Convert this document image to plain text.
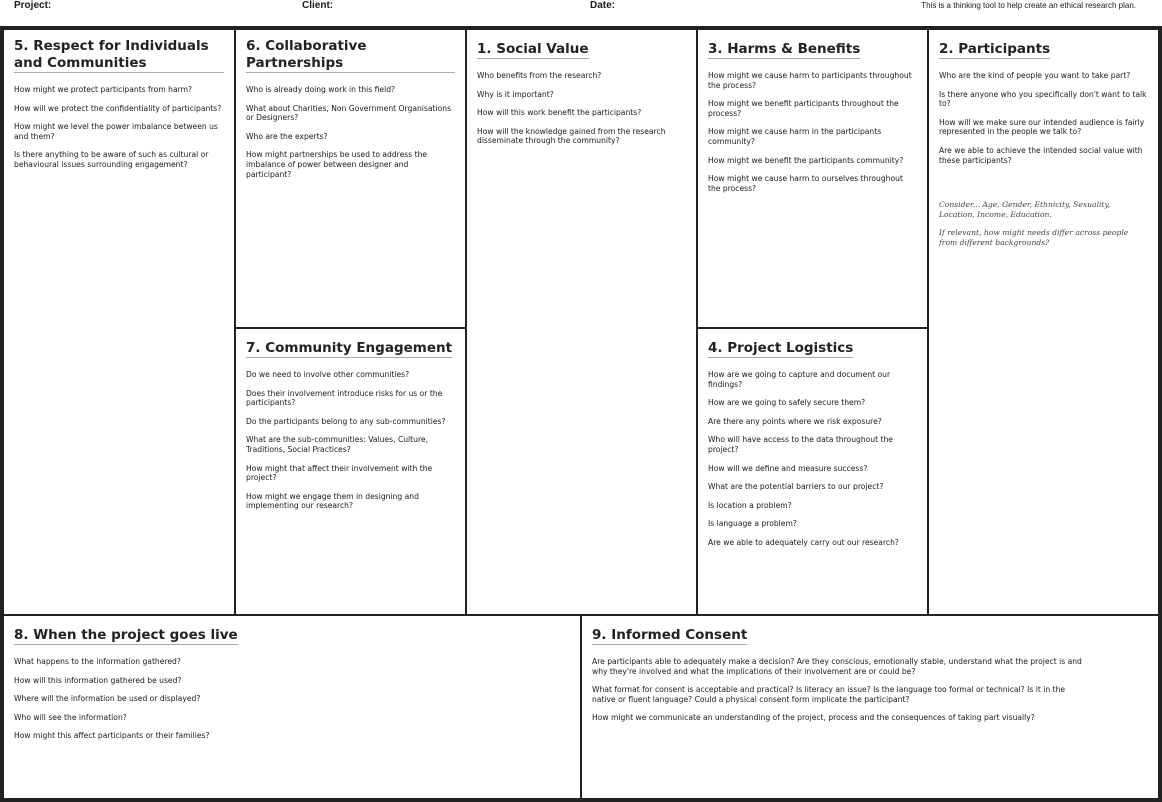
Project:	Client:	Date:	This is a thinking tool to help create an ethical research plan.
5. Respect for Individuals and Communities

How might we protect participants from harm?

How will we protect the confidentiality of participants?

How might we level the power imbalance between us and them?

Is there anything to be aware of such as cultural or behavioural issues surrounding engagement?

6. Collaborative Partnerships

Who is already doing work in this field?

What about Charities, Non Government Organisations or Designers?

Who are the experts?

How might partnerships be used to address the imbalance of power between designer and participant?

1. Social Value

Who benefits from the research?

Why is it important?

How will this work benefit the participants?

How will the knowledge gained from the research disseminate through the community?

3. Harms & Benefits

How might we cause harm to participants throughout the process?

How might we benefit participants throughout the process?

How might we cause harm in the participants community?

How might we benefit the participants community?

How might we cause harm to ourselves throughout the process?

2. Participants

Who are the kind of people you want to take part?

Is there anyone who you specifically don't want to talk to?

How will we make sure our intended audience is fairly represented in the people we talk to?

Are we able to achieve the intended social value with these participants?

Consider... Age, Gender, Ethnicity, Sexuality, Location, Income, Education.

If relevant, how might needs differ across people from different backgrounds?

7. Community Engagement

Do we need to involve other communities?

Does their involvement introduce risks for us or the participants?

Do the participants belong to any sub-communities?

What are the sub-communities: Values, Culture, Traditions, Social Practices?

How might that affect their involvement with the project?

How might we engage them in designing and implementing our research?

4. Project Logistics

How are we going to capture and document our findings?

How are we going to safely secure them?

Are there any points where we risk exposure?

Who will have access to the data throughout the project?

How will we define and measure success?

What are the potential barriers to our project?

Is location a problem?

Is language a problem?

Are we able to adequately carry out our research?

8. When the project goes live

What happens to the information gathered?

How will this information gathered be used?

Where will the information be used or displayed?

Who will see the information?

How might this affect participants or their families?

9. Informed Consent

Are participants able to adequately make a decision? Are they conscious, emotionally stable, understand what the project is and why they're involved and what the implications of their involvement are or could be?

What format for consent is acceptable and practical? Is literacy an issue? Is the language too formal or technical? Is it in the native or fluent language? Could a physical consent form implicate the participant?

How might we communicate an understanding of the project, process and the consequences of taking part visually?
